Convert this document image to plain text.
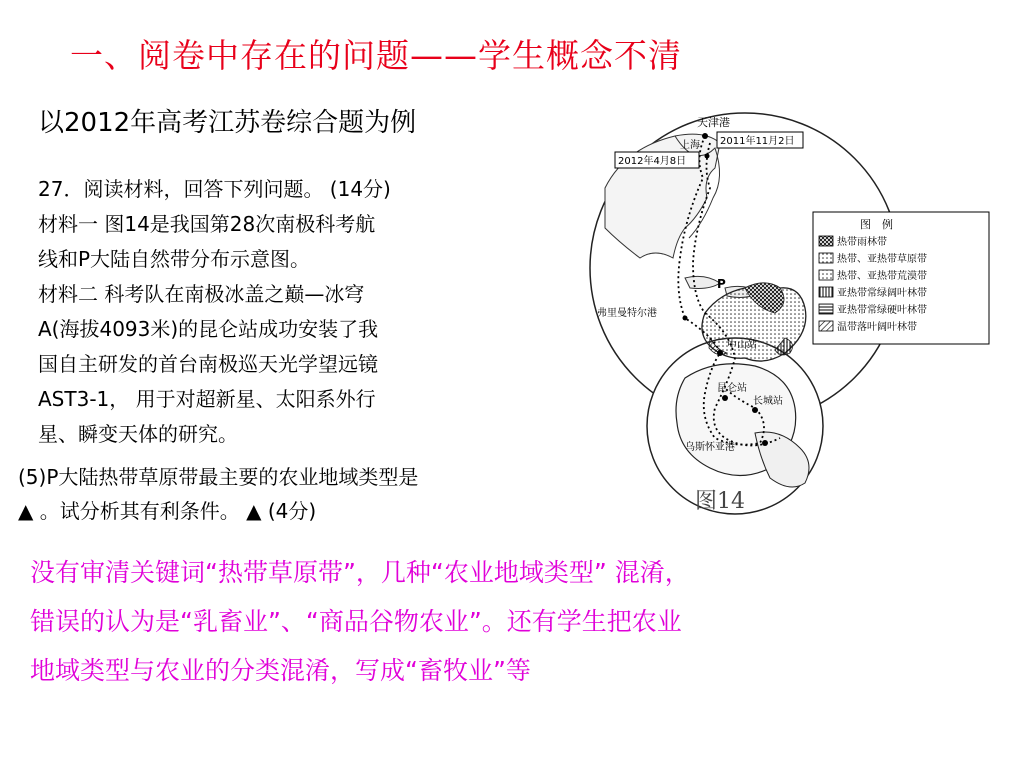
一、阅卷中存在的问题——学生概念不清
以2012年高考江苏卷综合题为例

27．阅读材料，回答下列问题。 (14分)

材料一 图14是我国第28次南极科考航

线和P大陆自然带分布示意图。

材料二 科考队在南极冰盖之巅—冰穹

A(海拔4093米)的昆仑站成功安装了我

国自主研发的首台南极巡天光学望远镜

AST3-1， 用于对超新星、太阳系外行

星、瞬变天体的研究。

(5)P大陆热带草原带最主要的农业地域类型是

▲ 。试分析其有利条件。 ▲ (4分)

没有审清关键词“热带草原带”，几种“农业地域类型” 混淆，

错误的认为是“乳畜业”、“商品谷物农业”。还有学生把农业

地域类型与农业的分类混淆，写成“畜牧业”等

天津港
上海 2011年11月2日
2012年4月8日
弗里曼特尔港
P
中山站
昆仑站
长城站
乌斯怀亚港
图　例
热带雨林带
热带、亚热带草原带
热带、亚热带荒漠带
亚热带常绿阔叶林带
亚热带常绿硬叶林带
温带落叶阔叶林带
图14
